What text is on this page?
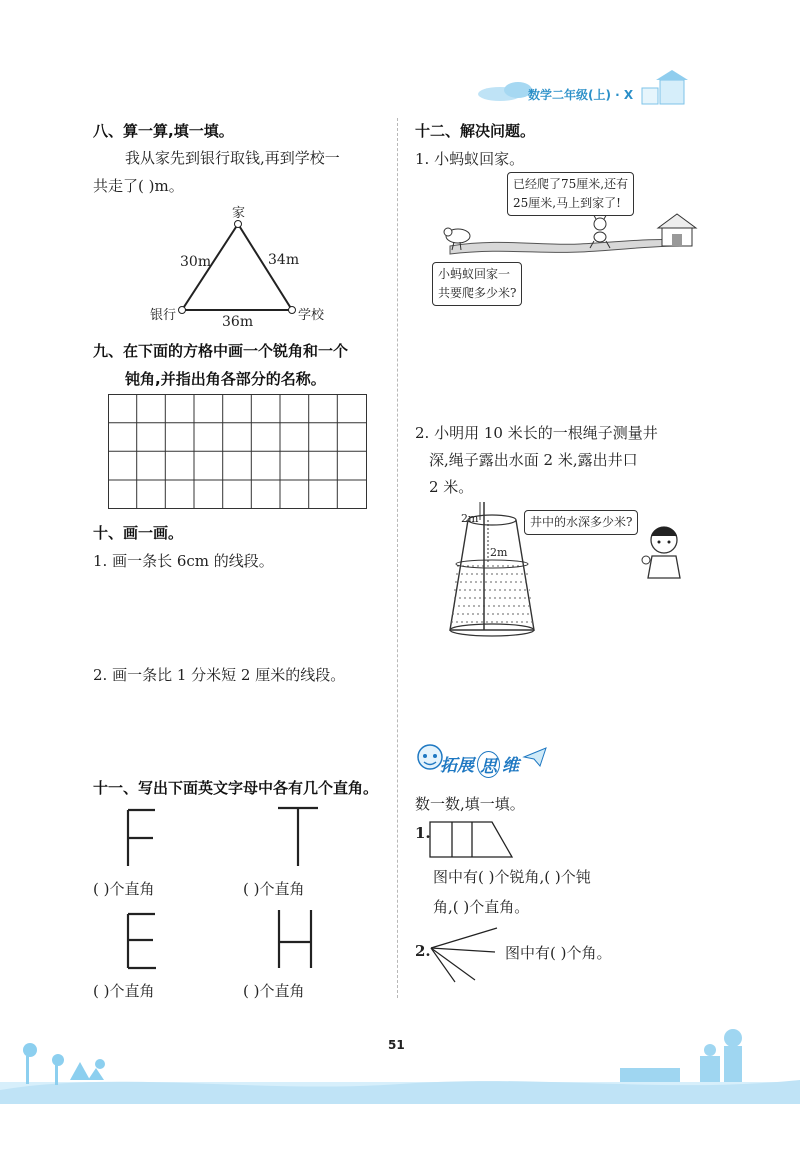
数学二年级(上) · X
八、算一算,填一填。
我从家先到银行取钱,再到学校一
共走了( )m。
家
银行	学校
30m	34m
36m
九、在下面的方格中画一个锐角和一个
钝角,并指出角各部分的名称。
十、画一画。
1. 画一条长 6cm 的线段。
2. 画一条比 1 分米短 2 厘米的线段。
十一、写出下面英文字母中各有几个直角。
( )个直角	( )个直角
( )个直角	( )个直角
十二、解决问题。
1. 小蚂蚁回家。
已经爬了75厘米,还有
25厘米,马上到家了!
小蚂蚁回家一
共要爬多少米?
2. 小明用 10 米长的一根绳子测量井
深,绳子露出水面 2 米,露出井口
2 米。
2m
2m
井中的水深多少米?
拓展 思 维
数一数,填一填。
1.
图中有( )个锐角,( )个钝
角,( )个直角。
2.	图中有( )个角。
51
